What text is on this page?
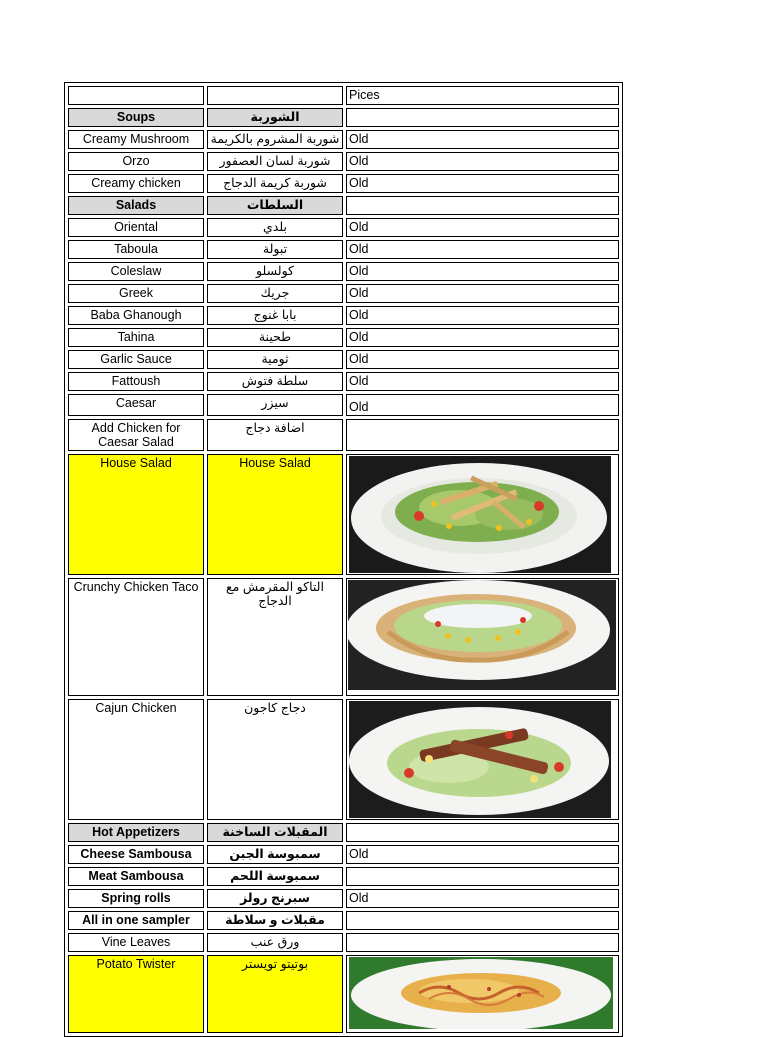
		Pices
Soups	الشوربة	
Creamy Mushroom	شوربة المشروم بالكريمة	Old
Orzo	شوربة لسان العصفور	Old
Creamy chicken	شوربة كريمة الدجاج	Old
Salads	السلطات	
Oriental	بلدي	Old
Taboula	تبولة	Old
Coleslaw	كولسلو	Old
Greek	جريك	Old
Baba Ghanough	بابا غنوج	Old
Tahina	طحينة	Old
Garlic Sauce	ثومية	Old
Fattoush	سلطة فتوش	Old
Caesar	سيزر	Old
Add Chicken for Caesar Salad	اضافة دجاج	
House Salad	House Salad	

Crunchy Chicken Taco	التاكو المقرمش مع الدجاج	

Cajun Chicken	دجاج كاجون	

Hot Appetizers	المقبلات الساخنة	
Cheese Sambousa	سمبوسة الجبن	Old
Meat Sambousa	سمبوسة اللحم	
Spring rolls	سبرنج رولز	Old
All in one sampler	مقبلات و سلاطة	
Vine Leaves	ورق عنب	
Potato Twister	بوتيتو تويستر	
